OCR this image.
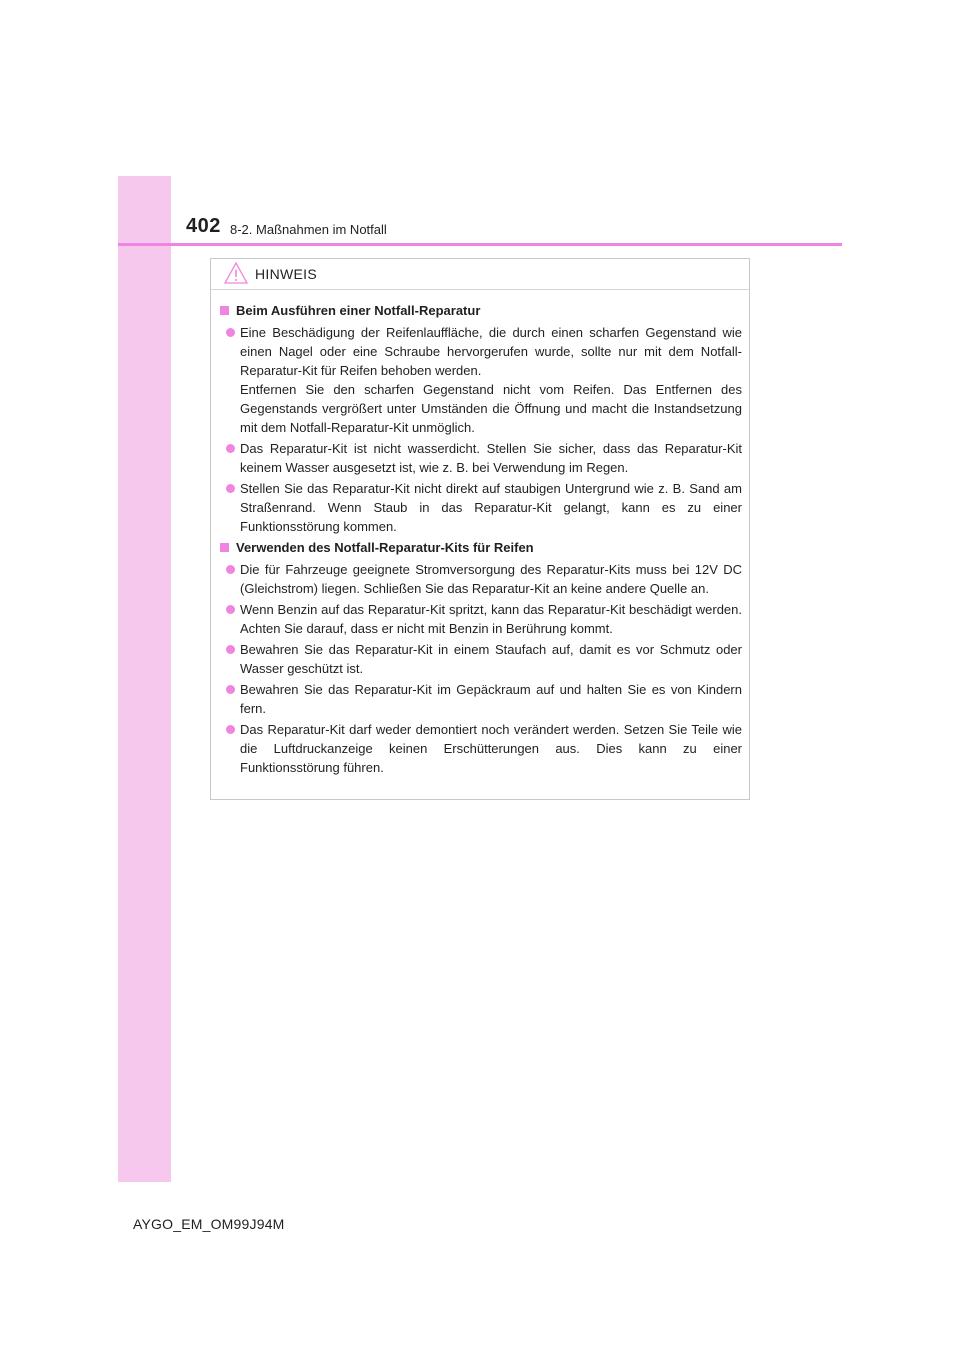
402 8-2. Maßnahmen im Notfall
HINWEIS
Beim Ausführen einer Notfall-Reparatur

Eine Beschädigung der Reifenlauffläche, die durch einen scharfen Gegenstand wie einen Nagel oder eine Schraube hervorgerufen wurde, sollte nur mit dem Notfall-Reparatur-Kit für Reifen behoben werden.

Entfernen Sie den scharfen Gegenstand nicht vom Reifen. Das Entfernen des Gegenstands vergrößert unter Umständen die Öffnung und macht die Instandsetzung mit dem Notfall-Reparatur-Kit unmöglich.

Das Reparatur-Kit ist nicht wasserdicht. Stellen Sie sicher, dass das Reparatur-Kit keinem Wasser ausgesetzt ist, wie z. B. bei Verwendung im Regen.

Stellen Sie das Reparatur-Kit nicht direkt auf staubigen Untergrund wie z. B. Sand am Straßenrand. Wenn Staub in das Reparatur-Kit gelangt, kann es zu einer Funktionsstörung kommen.

Verwenden des Notfall-Reparatur-Kits für Reifen

Die für Fahrzeuge geeignete Stromversorgung des Reparatur-Kits muss bei 12V DC (Gleichstrom) liegen. Schließen Sie das Reparatur-Kit an keine andere Quelle an.

Wenn Benzin auf das Reparatur-Kit spritzt, kann das Reparatur-Kit beschädigt werden. Achten Sie darauf, dass er nicht mit Benzin in Berührung kommt.

Bewahren Sie das Reparatur-Kit in einem Staufach auf, damit es vor Schmutz oder Wasser geschützt ist.

Bewahren Sie das Reparatur-Kit im Gepäckraum auf und halten Sie es von Kindern fern.

Das Reparatur-Kit darf weder demontiert noch verändert werden. Setzen Sie Teile wie die Luftdruckanzeige keinen Erschütterungen aus. Dies kann zu einer Funktionsstörung führen.

AYGO_EM_OM99J94M
